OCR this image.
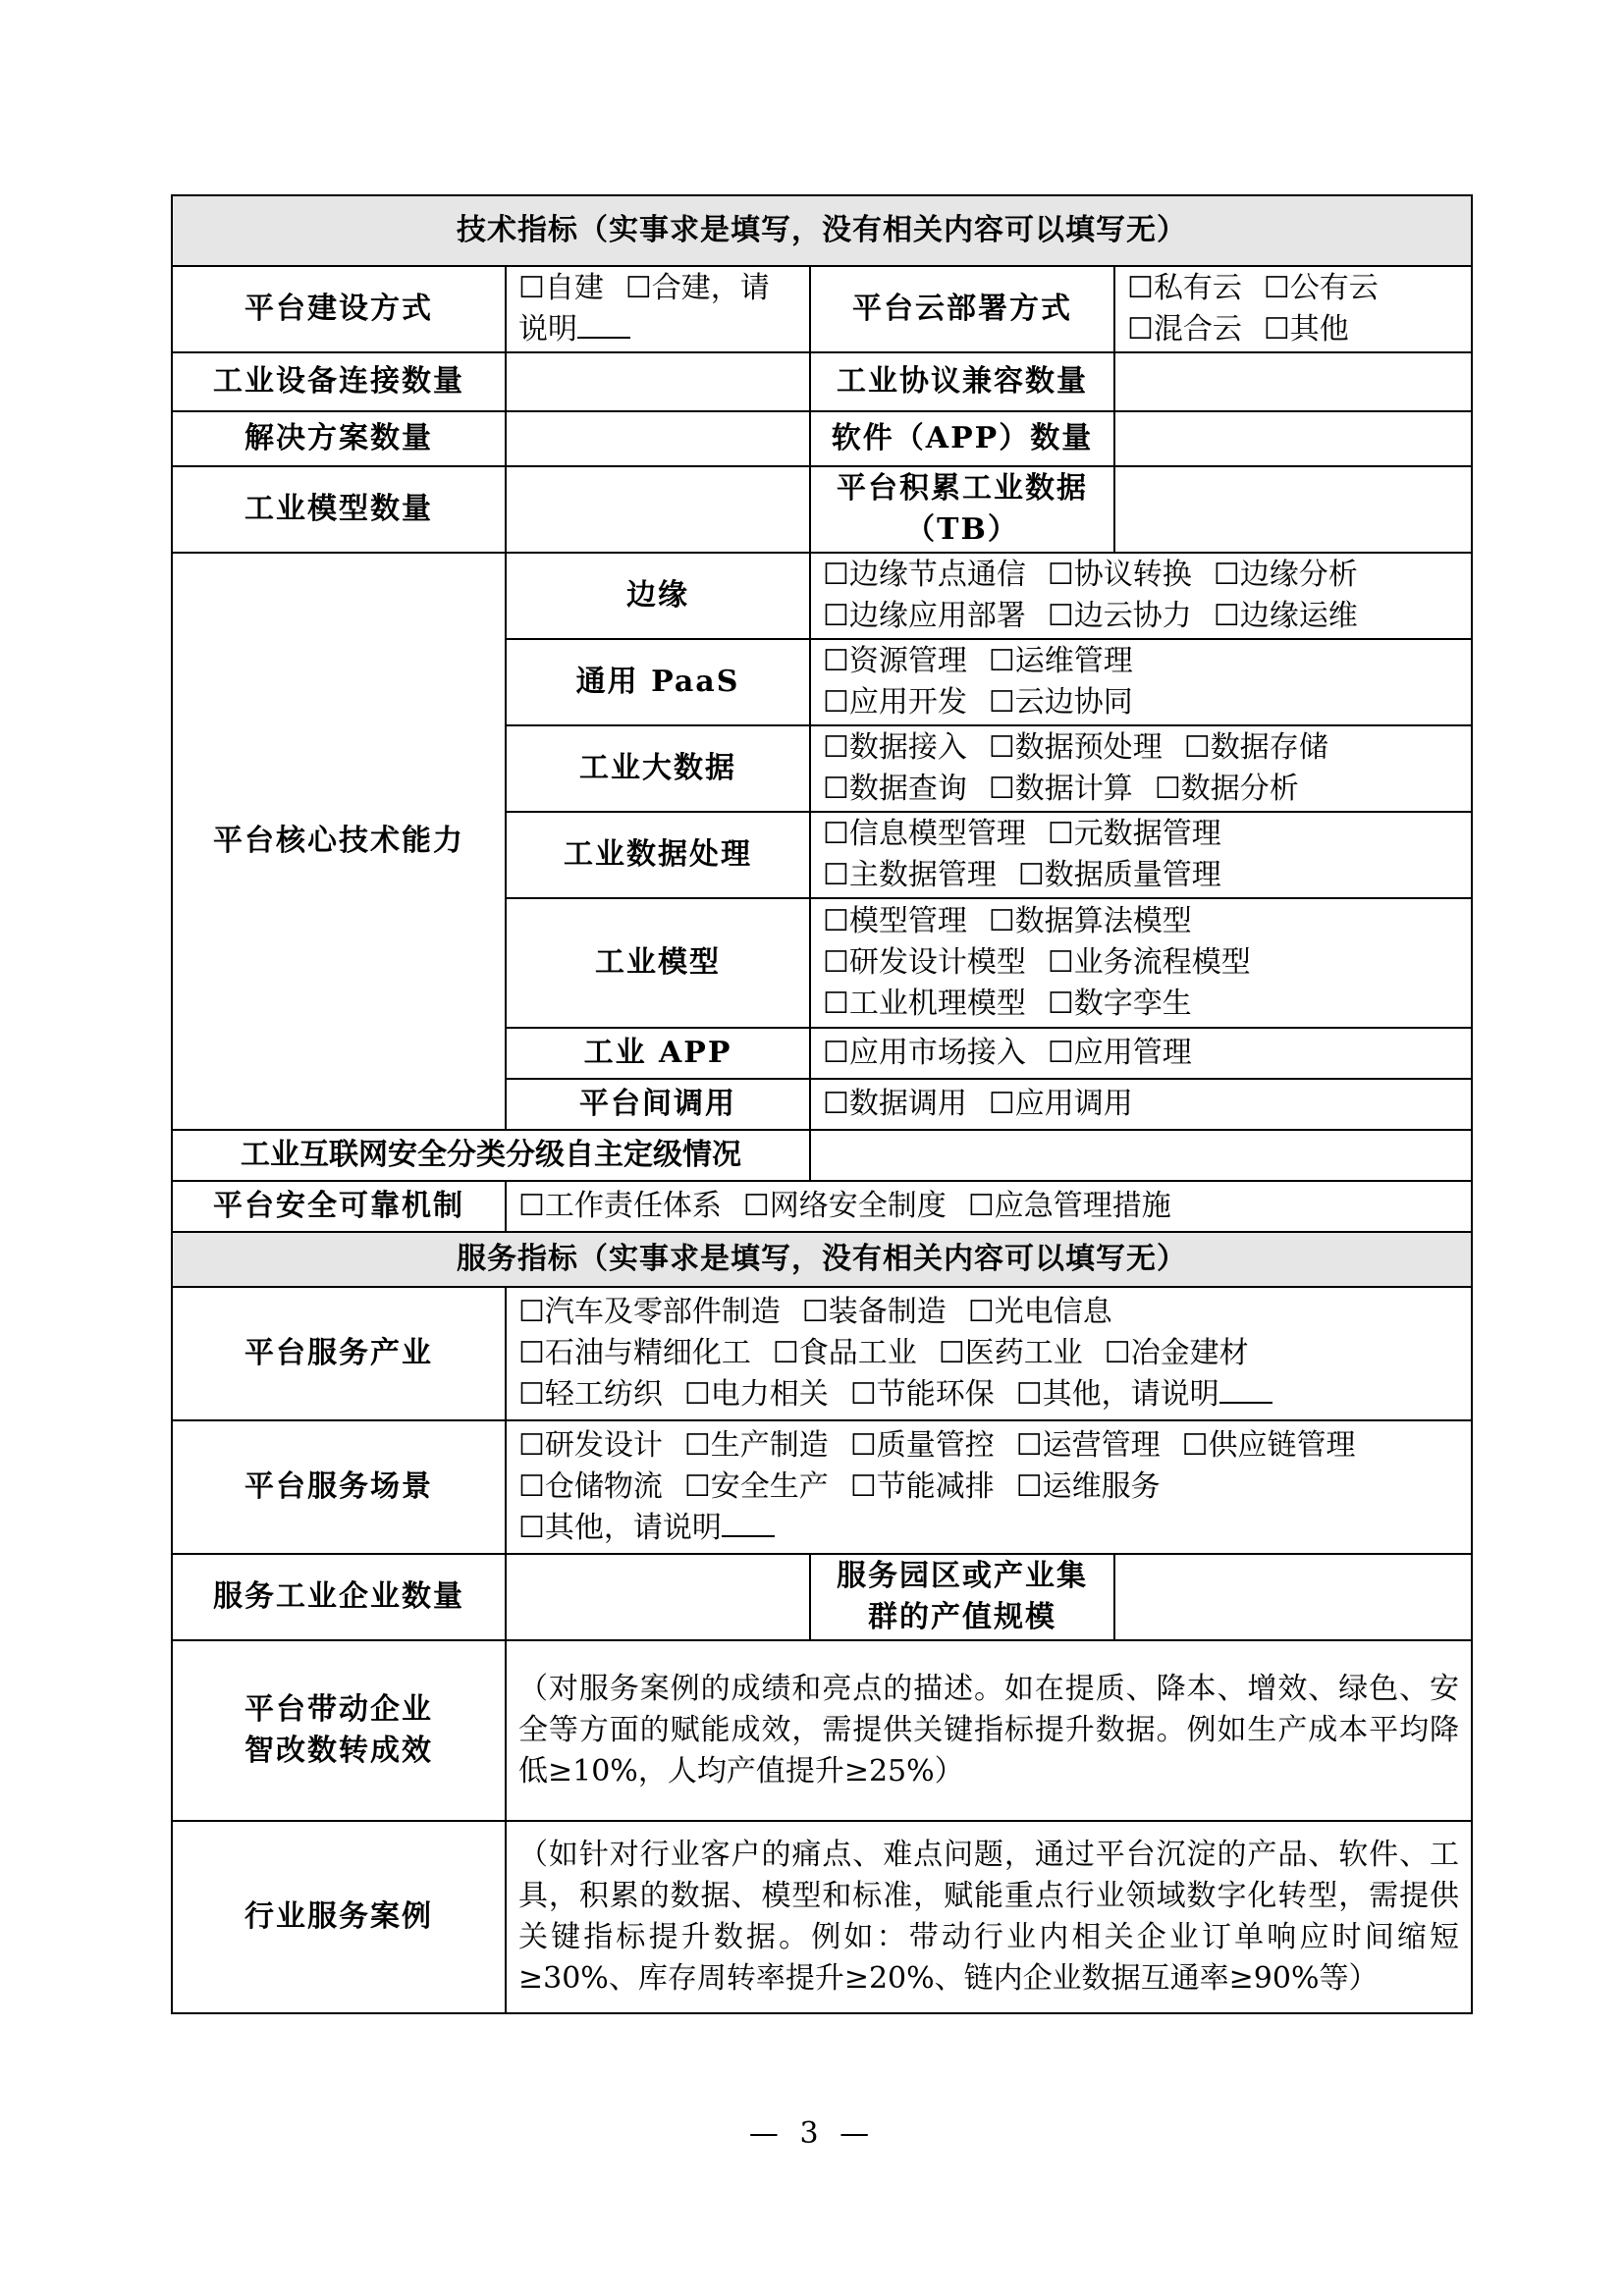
技术指标（实事求是填写，没有相关内容可以填写无）			
平台建设方式	☐自建 ☐合建，请说明	平台云部署方式	☐私有云 ☐公有云
☐混合云 ☐其他
工业设备连接数量		工业协议兼容数量	
解决方案数量		软件（APP）数量	
工业模型数量		平台积累工业数据
（TB）	
平台核心技术能力	边缘	☐边缘节点通信 ☐协议转换 ☐边缘分析
☐边缘应用部署 ☐边云协力 ☐边缘运维	
	通用 PaaS	☐资源管理 ☐运维管理
☐应用开发 ☐云边协同	
	工业大数据	☐数据接入 ☐数据预处理 ☐数据存储
☐数据查询 ☐数据计算 ☐数据分析	
	工业数据处理	☐信息模型管理 ☐元数据管理
☐主数据管理 ☐数据质量管理	
	工业模型	☐模型管理 ☐数据算法模型
☐研发设计模型 ☐业务流程模型
☐工业机理模型 ☐数字孪生	
	工业 APP	☐应用市场接入 ☐应用管理	
	平台间调用	☐数据调用 ☐应用调用	
工业互联网安全分类分级自主定级情况			
平台安全可靠机制	☐工作责任体系 ☐网络安全制度 ☐应急管理措施		
服务指标（实事求是填写，没有相关内容可以填写无）			
平台服务产业	☐汽车及零部件制造 ☐装备制造 ☐光电信息
☐石油与精细化工 ☐食品工业 ☐医药工业 ☐冶金建材
☐轻工纺织 ☐电力相关 ☐节能环保 ☐其他，请说明		
平台服务场景	☐研发设计 ☐生产制造 ☐质量管控 ☐运营管理 ☐供应链管理 ☐仓储物流 ☐安全生产 ☐节能减排 ☐运维服务
☐其他，请说明		
服务工业企业数量		服务园区或产业集群的产值规模	
平台带动企业
智改数转成效	（对服务案例的成绩和亮点的描述。如在提质、降本、增效、绿色、安全等方面的赋能成效，需提供关键指标提升数据。例如生产成本平均降低≥10%，人均产值提升≥25%）		
行业服务案例	（如针对行业客户的痛点、难点问题，通过平台沉淀的产品、软件、工具，积累的数据、模型和标准，赋能重点行业领域数字化转型，需提供关键指标提升数据。例如：带动行业内相关企业订单响应时间缩短≥30%、库存周转率提升≥20%、链内企业数据互通率≥90%等）		
— 3 —
